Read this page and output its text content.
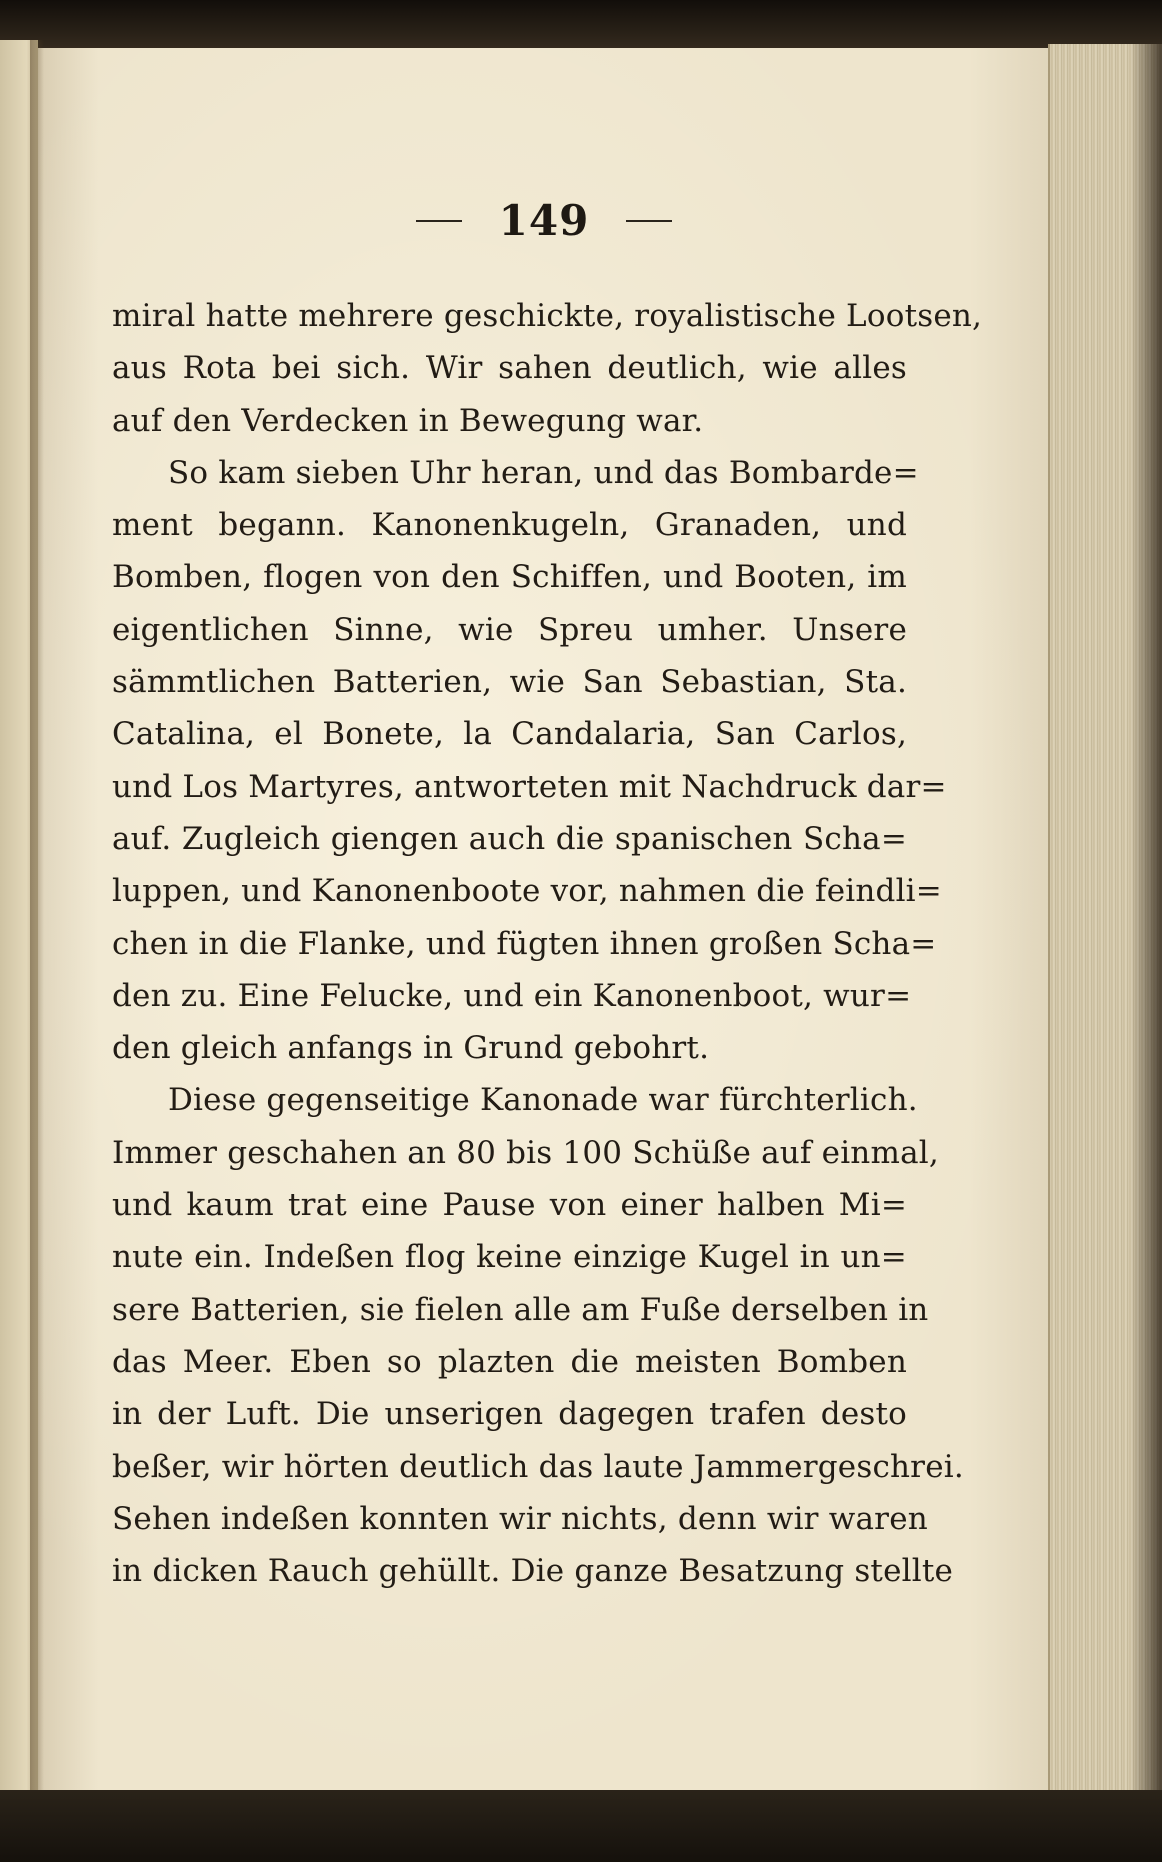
149
miral hatte mehrere geschickte, royalistische Lootsen,
aus Rota bei sich. Wir sahen deutlich, wie alles
auf den Verdecken in Bewegung war.
So kam sieben Uhr heran, und das Bombarde=
ment begann. Kanonenkugeln, Granaden, und
Bomben, flogen von den Schiffen, und Booten, im
eigentlichen Sinne, wie Spreu umher. Unsere
sämmtlichen Batterien, wie San Sebastian, Sta.
Catalina, el Bonete, la Candalaria, San Carlos,
und Los Martyres, antworteten mit Nachdruck dar=
auf. Zugleich giengen auch die spanischen Scha=
luppen, und Kanonenboote vor, nahmen die feindli=
chen in die Flanke, und fügten ihnen großen Scha=
den zu. Eine Felucke, und ein Kanonenboot, wur=
den gleich anfangs in Grund gebohrt.
Diese gegenseitige Kanonade war fürchterlich.
Immer geschahen an 80 bis 100 Schüße auf einmal,
und kaum trat eine Pause von einer halben Mi=
nute ein. Indeßen flog keine einzige Kugel in un=
sere Batterien, sie fielen alle am Fuße derselben in
das Meer. Eben so plazten die meisten Bomben
in der Luft. Die unserigen dagegen trafen desto
beßer, wir hörten deutlich das laute Jammergeschrei.
Sehen indeßen konnten wir nichts, denn wir waren
in dicken Rauch gehüllt. Die ganze Besatzung stellte
